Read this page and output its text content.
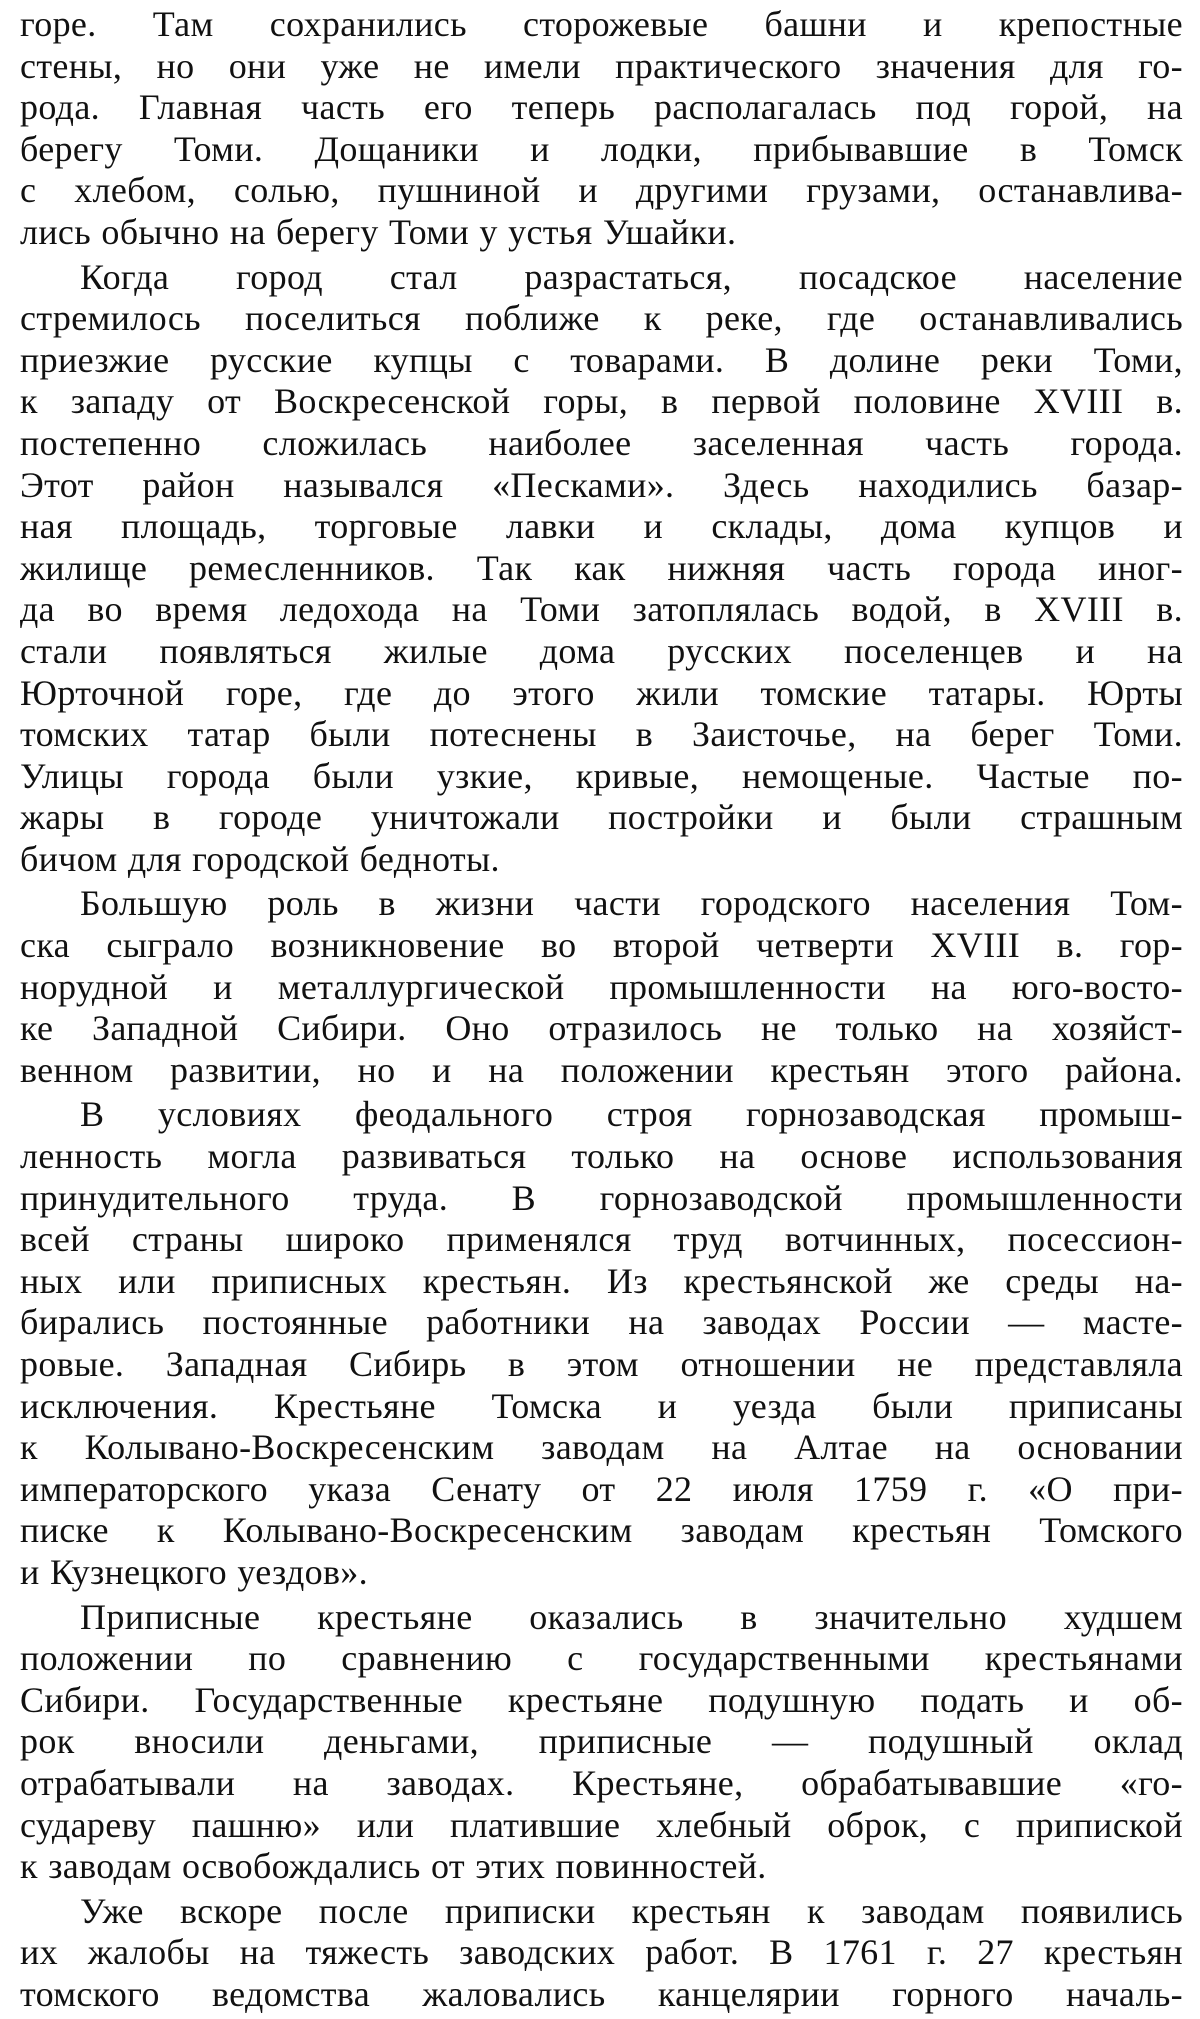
горе. Там сохранились сторожевые башни и крепостные
стены, но они уже не имели практического значения для го-
рода. Главная часть его теперь располагалась под горой, на
берегу Томи. Дощаники и лодки, прибывавшие в Томск
с хлебом, солью, пушниной и другими грузами, останавлива-
лись обычно на берегу Томи у устья Ушайки.

Когда город стал разрастаться, посадское население
стремилось поселиться поближе к реке, где останавливались
приезжие русские купцы с товарами. В долине реки Томи,
к западу от Воскресенской горы, в первой половине XVIII в.
постепенно сложилась наиболее заселенная часть города.
Этот район назывался «Песками». Здесь находились базар-
ная площадь, торговые лавки и склады, дома купцов и
жилище ремесленников. Так как нижняя часть города иног-
да во время ледохода на Томи затоплялась водой, в XVIII в.
стали появляться жилые дома русских поселенцев и на
Юрточной горе, где до этого жили томские татары. Юрты
томских татар были потеснены в Заисточье, на берег Томи.
Улицы города были узкие, кривые, немощеные. Частые по-
жары в городе уничтожали постройки и были страшным
бичом для городской бедноты.

Большую роль в жизни части городского населения Том-
ска сыграло возникновение во второй четверти XVIII в. гор-
норудной и металлургической промышленности на юго-восто-
ке Западной Сибири. Оно отразилось не только на хозяйст-
венном развитии, но и на положении крестьян этого района.

В условиях феодального строя горнозаводская промыш-
ленность могла развиваться только на основе использования
принудительного труда. В горнозаводской промышленности
всей страны широко применялся труд вотчинных, посессион-
ных или приписных крестьян. Из крестьянской же среды на-
бирались постоянные работники на заводах России — масте-
ровые. Западная Сибирь в этом отношении не представляла
исключения. Крестьяне Томска и уезда были приписаны
к Колывано-Воскресенским заводам на Алтае на основании
императорского указа Сенату от 22 июля 1759 г. «О при-
писке к Колывано-Воскресенским заводам крестьян Томского
и Кузнецкого уездов».

Приписные крестьяне оказались в значительно худшем
положении по сравнению с государственными крестьянами
Сибири. Государственные крестьяне подушную подать и об-
рок вносили деньгами, приписные — подушный оклад
отрабатывали на заводах. Крестьяне, обрабатывавшие «го-
судареву пашню» или платившие хлебный оброк, с припиской
к заводам освобождались от этих повинностей.

Уже вскоре после приписки крестьян к заводам появились
их жалобы на тяжесть заводских работ. В 1761 г. 27 крестьян
томского ведомства жаловались канцелярии горного началь-
